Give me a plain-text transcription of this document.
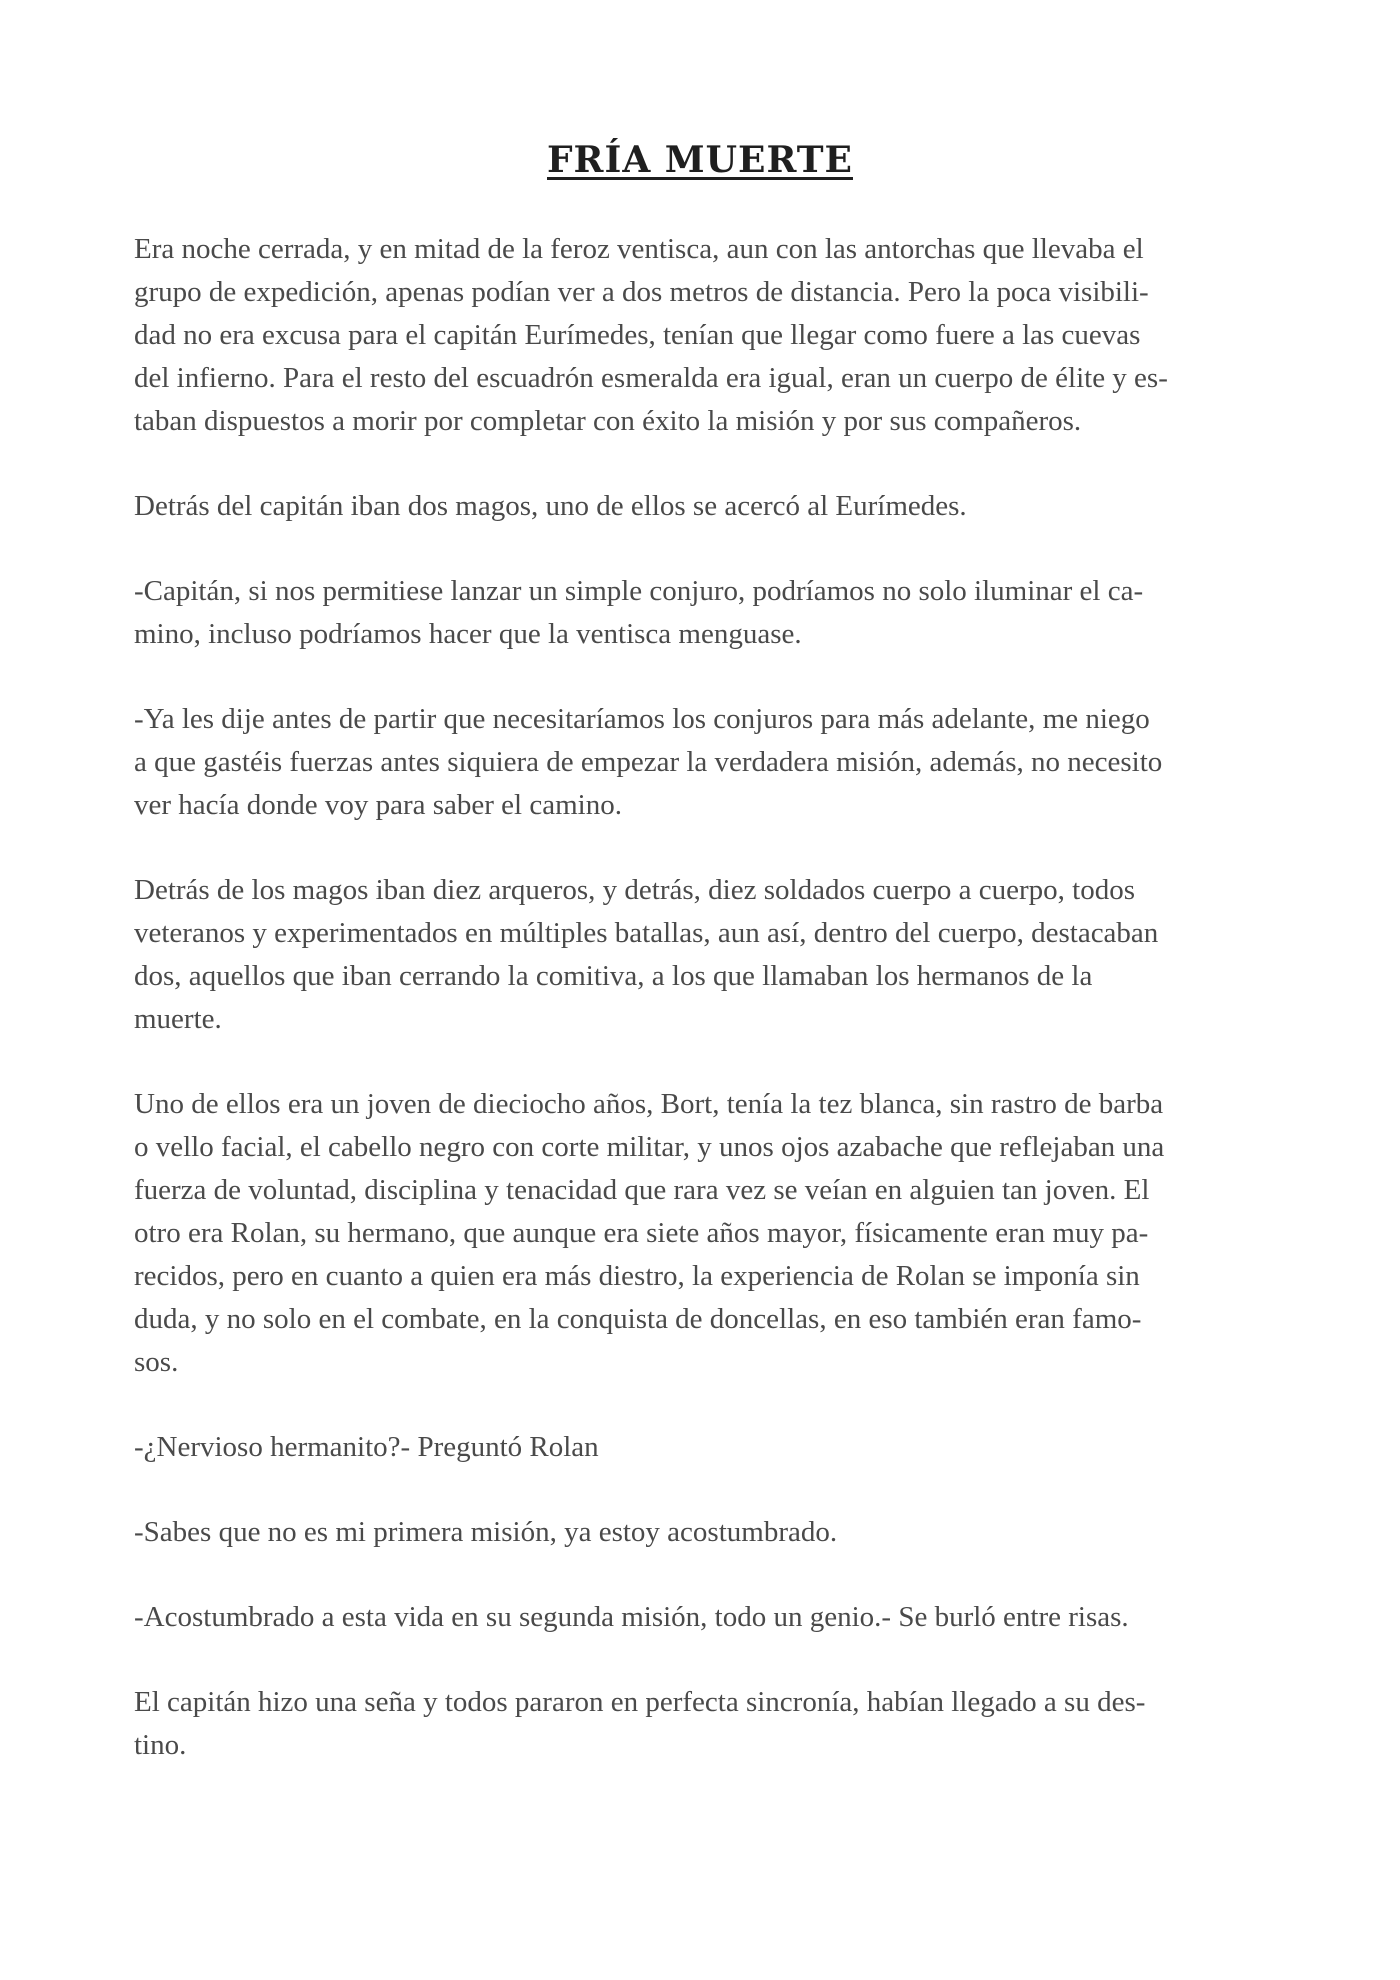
FRÍA MUERTE

Era noche cerrada, y en mitad de la feroz ventisca, aun con las antorchas que llevaba el
grupo de expedición, apenas podían ver a dos metros de distancia. Pero la poca visibili-
dad no era excusa para el capitán Eurímedes, tenían que llegar como fuere a las cuevas
del infierno. Para el resto del escuadrón esmeralda era igual, eran un cuerpo de élite y es-
taban dispuestos a morir por completar con éxito la misión y por sus compañeros.

Detrás del capitán iban dos magos, uno de ellos se acercó al Eurímedes.

-Capitán, si nos permitiese lanzar un simple conjuro, podríamos no solo iluminar el ca-
mino, incluso podríamos hacer que la ventisca menguase.

-Ya les dije antes de partir que necesitaríamos los conjuros para más adelante, me niego
a que gastéis fuerzas antes siquiera de empezar la verdadera misión, además, no necesito
ver hacía donde voy para saber el camino.

Detrás de los magos iban diez arqueros, y detrás, diez soldados cuerpo a cuerpo, todos
veteranos y experimentados en múltiples batallas, aun así, dentro del cuerpo, destacaban
dos, aquellos que iban cerrando la comitiva, a los que llamaban los hermanos de la
muerte.

Uno de ellos era un joven de dieciocho años, Bort, tenía la tez blanca, sin rastro de barba
o vello facial, el cabello negro con corte militar, y unos ojos azabache que reflejaban una
fuerza de voluntad, disciplina y tenacidad que rara vez se veían en alguien tan joven. El
otro era Rolan, su hermano, que aunque era siete años mayor, físicamente eran muy pa-
recidos, pero en cuanto a quien era más diestro, la experiencia de Rolan se imponía sin
duda, y no solo en el combate, en la conquista de doncellas, en eso también eran famo-
sos.

-¿Nervioso hermanito?- Preguntó Rolan

-Sabes que no es mi primera misión, ya estoy acostumbrado.

-Acostumbrado a esta vida en su segunda misión, todo un genio.- Se burló entre risas.

El capitán hizo una seña y todos pararon en perfecta sincronía, habían llegado a su des-
tino.
